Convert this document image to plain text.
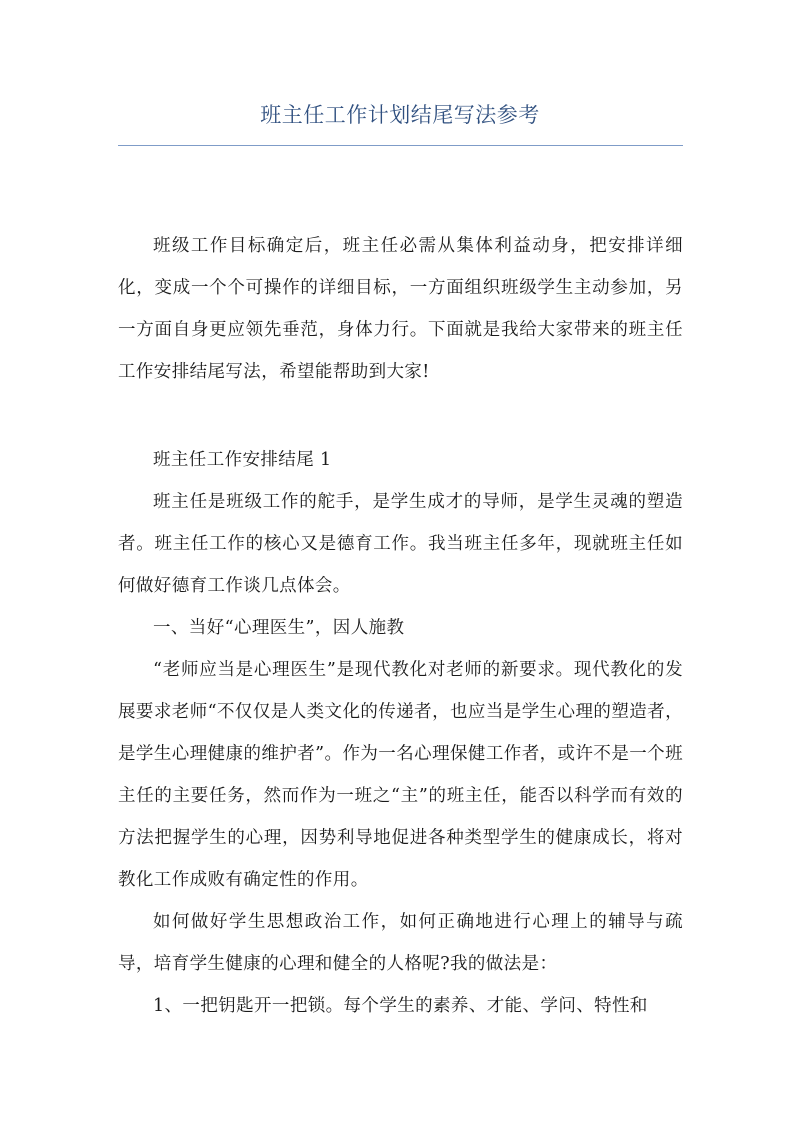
班主任工作计划结尾写法参考

班级工作目标确定后，班主任必需从集体利益动身，把安排详细化，变成一个个可操作的详细目标，一方面组织班级学生主动参加，另一方面自身更应领先垂范，身体力行。下面就是我给大家带来的班主任工作安排结尾写法，希望能帮助到大家!

班主任工作安排结尾 1

班主任是班级工作的舵手，是学生成才的导师，是学生灵魂的塑造者。班主任工作的核心又是德育工作。我当班主任多年，现就班主任如何做好德育工作谈几点体会。

一、当好“心理医生”，因人施教

“老师应当是心理医生”是现代教化对老师的新要求。现代教化的发展要求老师“不仅仅是人类文化的传递者，也应当是学生心理的塑造者，是学生心理健康的维护者”。作为一名心理保健工作者，或许不是一个班主任的主要任务，然而作为一班之“主”的班主任，能否以科学而有效的方法把握学生的心理，因势利导地促进各种类型学生的健康成长，将对教化工作成败有确定性的作用。

如何做好学生思想政治工作，如何正确地进行心理上的辅导与疏导，培育学生健康的心理和健全的人格呢?我的做法是：

1、一把钥匙开一把锁。每个学生的素养、才能、学问、特性和
